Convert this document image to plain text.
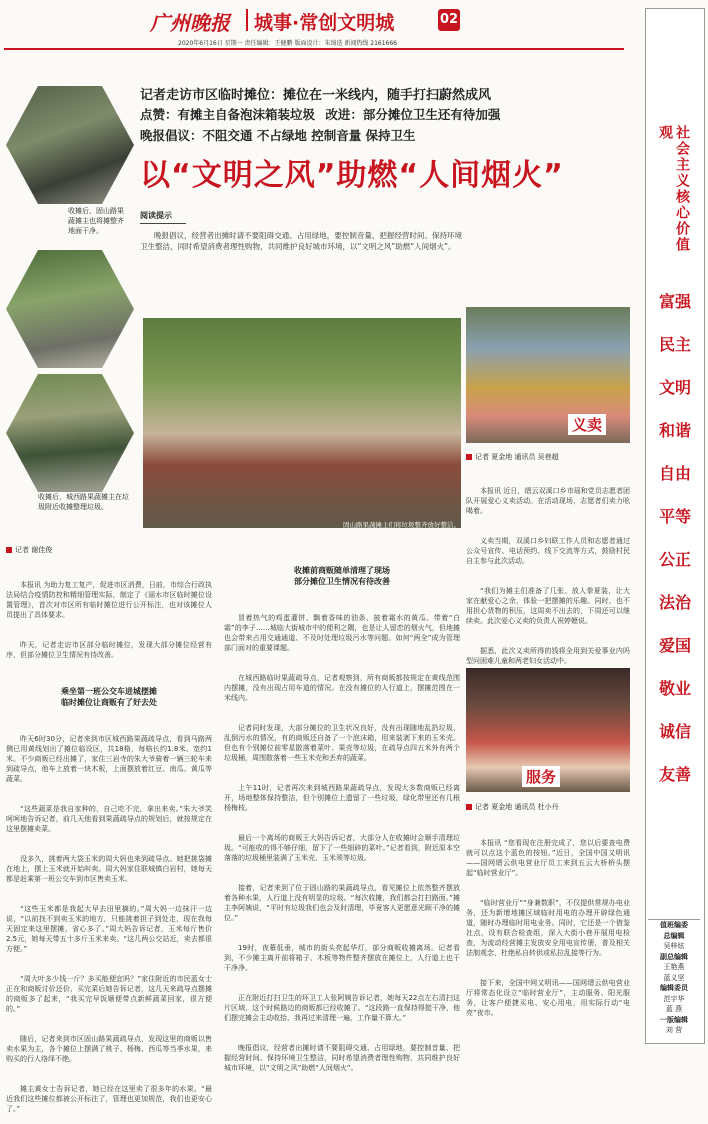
广州晚报 城事·常创文明城	02
2020年6月16日 星期一 责任编辑：王健鹏 版面设计：朱绮迭 新闻热线 2161666
社会主义核心价值观
富强
民主
文明
和谐
自由
平等
公正
法治
爱国
敬业
诚信
友善
值班编委
总编辑
吴梓炫
副总编辑
王艳燕
蓝义坚
编辑委员
范宇华
蓝 燕
一版编辑
刘 营
收摊后，固山路果蔬摊主也将摊整齐地面干净。
收摊后，城西路果蔬摊主在垃圾附近收摊整理垃圾。
记者走访市区临时摊位：摊位在一米线内，随手打扫蔚然成风
点赞：有摊主自备泡沫箱装垃圾 改进：部分摊位卫生还有待加强
晚报倡议：不阻交通 不占绿地 控制音量 保持卫生
以“文明之风”助燃“人间烟火”
阅读提示
晚报倡议，经营者出摊时请不要阻碍交通、占用绿地，要控制音量、把握经营时间、保持环境卫生整洁，同时希望消费者理性购物，共同维护良好城市环境，以“文明之风”助燃“人间烟火”。
固山路果蔬摊主们将垃圾整齐放好整洁。
记者 谢佳俊

本报讯 为助力复工复产，促进市区消费，日前，市综合行政执法局结合疫情防控和精细管理实际，制定了《丽水市区临时摊位设置管理》，首次对市区所有临时摊位进行公开标注，也对该摊位人员提出了具体要求。

昨天，记者走访市区部分临时摊位，发现大部分摊位经营有序，但部分摊位卫生情况有待改善。

乘坐第一班公交车进城摆摊
临时摊位让商贩有了好去处

昨天6时30分，记者来到市区城西路果蔬疏导点，看到马路两侧已用黄线划出了摊位临设区，共18格，每格长约1.8米、宽约1米。不少商贩已经出摊了，家住三岩寺的朱大爷骑着一辆三轮车来到疏导点，他车上放着一块木板，上面摆放着红豆、南瓜、黄瓜等蔬菜。

“这些蔬菜是我自家种的，自己吃不完，拿出来卖。”朱大爷笑呵呵地告诉记者，前几天他看到果蔬疏导点的规划后，就按规定在这里摆摊卖菜。

没多久，挑着两大袋玉米的周大妈也来到疏导点。她把挑袋摊在地上，摆上玉米就开始叫卖。周大妈家住联城镇白岩村，她每天都是赶乘第一班公交车到市区售卖玉米。

“这些玉米都是我起大早去田里摘的。”周大妈一边抹汗一边说，“以前找不到卖玉米的地方，只能挑着担子到处走，现在我每天固定来这里摆摊，省心多了。”周大妈告诉记者，玉米每斤售价2.5元，她每天带五十多斤玉米来卖。“这几两公交站近，卖去都很方便。”

“周大叶多少钱一斤？多买能便宜吗？”家住附近的市民蓝女士正在和商贩讨价还价，买完菜后她告诉记者，这几天来疏导点摆摊的商贩多了起来，“我买完早饭顺便带点新鲜蔬菜回家，很方便的。”

随后，记者来到市区固山路果蔬疏导点，发现这里的商贩以售卖水果为主，各个摊位上摆满了桃子、杨梅、西瓜等当季水果，来购买的行人络绎不绝。

摊主黄女士告诉记者，她已经在这里卖了很多年的水果。“最近我们这些摊位都被公开标注了，管理也更加规范，我们也更安心了。”

收摊前商贩随单清理了现场
部分摊位卫生情况有待改善

冒着热气的鸡蛋灌饼、飘着香味的油条、披着霜水的黄瓜、带着“白霜”的李子……城临大街城市中的便利之隅，也是让人留恋的烟火气，但地摊也会带来占用交通通道、不及时处理垃圾污水等问题。如何“两全”成为管理部门面对的重要课题。

在城西路临时果蔬疏导点，记者观察到，所有商贩都按规定在黄线范围内摆摊，没有出现占用车道的情况。在没有摊位的人行道上，摆摊范围在一米线内。

记者同时发现，大部分摊位的卫生状况良好，没有出现随地乱扔垃圾、乱倒污水的情况，有的商贩还自备了一个泡沫箱，用来装剥下来的玉米壳。但也有个别摊位前零星散落着菜叶、果壳等垃圾，在疏导点四五米外有两个垃圾桶，周围散落着一些玉米壳和丢弃的蔬菜。

上午11时，记者再次来到城西路果蔬疏导点，发现大多数商贩已经离开，场地整体保持整洁，但个别摊位上遗留了一些垃圾，绿化带里还有几根杨梅枝。

最后一个离场的商贩王大妈告诉记者，大部分人在收摊时会顺手清理垃圾。“可能收的得不够仔细，留下了一些细碎的菜叶。”记者看到，附近原本空落落的垃圾桶里装满了玉米壳、玉米须等垃圾。

接着，记者来到了位于固山路的果蔬疏导点，看见摊位上依然整齐摆放着各种水果，人行道上没有明显的垃圾。“每次收摊，我们都会打扫路面。”摊主李阿姨说，“平时有垃圾我们也会及时清理，毕竟客人更愿意光顾干净的摊位。”

19时，夜幕低垂，城市的街头亮起华灯，部分商贩收摊离场。记者看到，不少摊主离开前将箱子、木板等物件整齐摆放在摊位上，人行道上也干干净净。

正在附近打扫卫生的环卫工人张阿姨告诉记者，她每天22点左右清扫这片区域，这个时候路边的商贩都已经收摊了。“这段路一直保持得挺干净，他们摆完摊会主动收拾，我再过来清理一遍，工作量不算大。”

晚报倡议，经营者出摊时请不要阻碍交通、占用绿地，要控制音量、把握经营时间、保持环境卫生整洁，同时希望消费者理性购物，共同维护良好城市环境，以“文明之风”助燃“人间烟火”。

义卖
记者 夏金地 通讯员 吴巷超

本报讯 近日，缙云双溪口乡市瑶和党员志愿者团队开展爱心义卖活动。在活动现场，志愿者们卖力吆喝着。

义卖当期，双溪口乡妇联工作人员和志愿者通过公众号宣传、电话预约、线下交流等方式，鼓励村民自主参与此次活动。

“我们为摊主们准备了几张、放人拳夏装，让大家在献爱心之余，体验一把摆摊的乐趣。同时，也不用担心货物的积压，这周卖不出去的，下周还可以继续卖。此次爱心义卖的负责人祝婷嬷说。

据悉，此次义卖所得的钱将全用到关爱事业内吗型问困难儿童和两老妇女活动中。

服务
记者 夏金地 通讯员 杜小丹

本报讯 “您看现在注册完成了，您以后要查电费就可以点这个蓝色的按钮。”近日，全国中国又明讯——国网缙云供电营业厅员工来到五云大桥桥头摆起“临时营业厅”。

“临时营业厅”“身兼数职”，不仅提供常规办电业务，还为新增地摊区域临时用电的办理开辟绿色通道，随时办理临时用电业务。同时，它还是一个借鉴社点，设有联合检查组，深入大街小巷开展用电检查，为流动经营摊主发放安全用电宣传册，普及相关法制观念，杜绝私自转供或私拉乱接等行为。

接下来，全国中网又明讯——国网缙云供电营业厅将常态化设立“临时营业厅”，主动服务、阳光服务，让客户便捷买电、安心用电，用实际行动“电亮”夜市。
